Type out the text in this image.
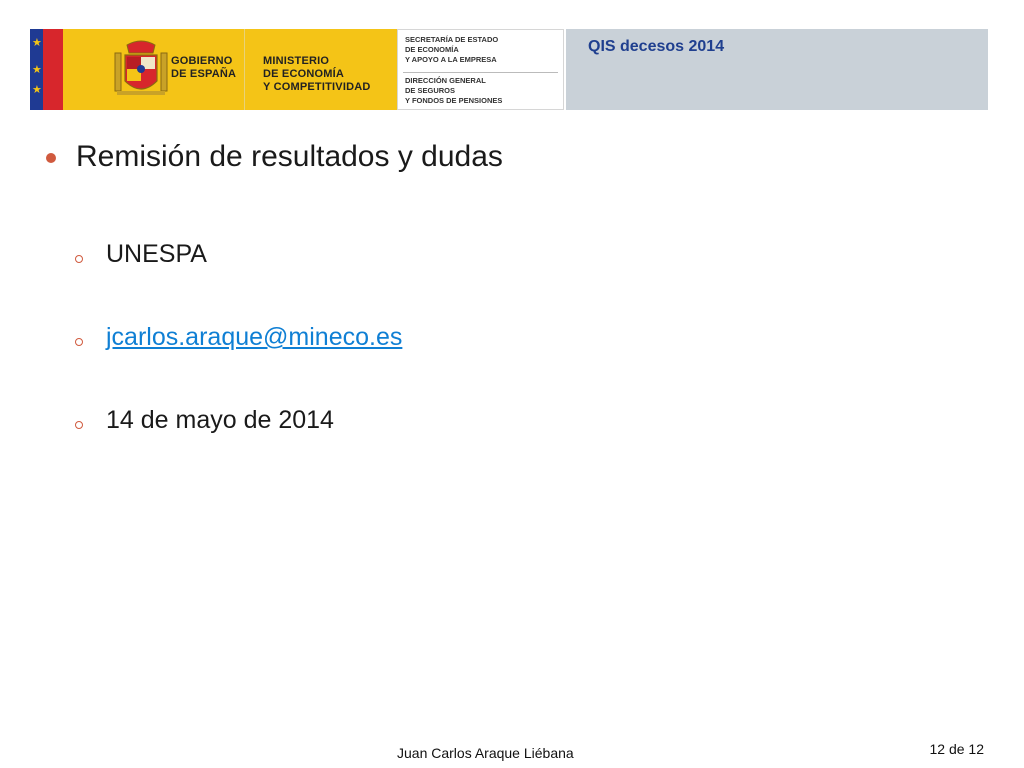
★
★
★
GOBIERNO
DE ESPAÑA
MINISTERIO
DE ECONOMÍA
Y COMPETITIVIDAD
SECRETARÍA DE ESTADO
DE ECONOMÍA
Y APOYO A LA EMPRESA
DIRECCIÓN GENERAL
DE SEGUROS
Y FONDOS DE PENSIONES
QIS decesos 2014
Remisión de resultados y dudas
UNESPA
jcarlos.araque@mineco.es
14 de mayo de 2014
Juan Carlos Araque Liébana	12 de 12
